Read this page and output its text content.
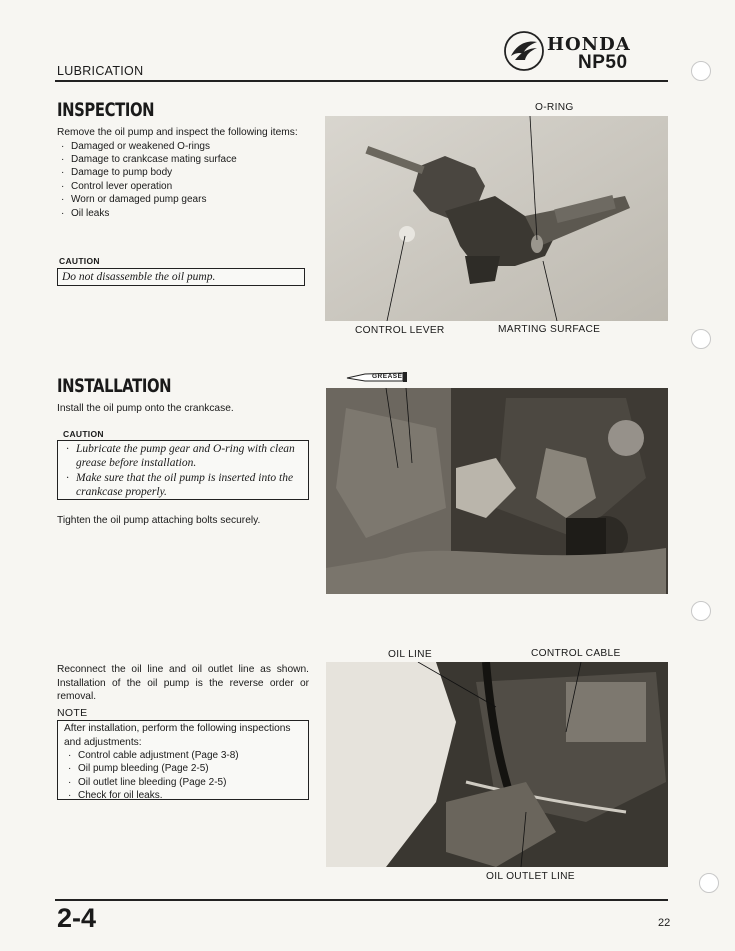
LUBRICATION
HONDA
NP50
INSPECTION

Remove the oil pump and inspect the following items:

· Damaged or weakened O-rings
· Damage to crankcase mating surface
· Damage to pump body
· Control lever operation
· Worn or damaged pump gears
· Oil leaks
CAUTION
Do not disassemble the oil pump.
O-RING
CONTROL LEVER	MARTING SURFACE
INSTALLATION
Install the oil pump onto the crankcase.
CAUTION
· Lubricate the pump gear and O-ring with clean grease before installation.
· Make sure that the oil pump is inserted into the crankcase properly.
Tighten the oil pump attaching bolts securely.
GREASE
Reconnect the oil line and oil outlet line as shown. Installation of the oil pump is the reverse order or removal.
NOTE
After installation, perform the following inspections and adjustments:
· Control cable adjustment (Page 3-8)
· Oil pump bleeding (Page 2-5)
· Oil outlet line bleeding (Page 2-5)
· Check for oil leaks.
OIL LINE	CONTROL CABLE
OIL OUTLET LINE
2-4	22
